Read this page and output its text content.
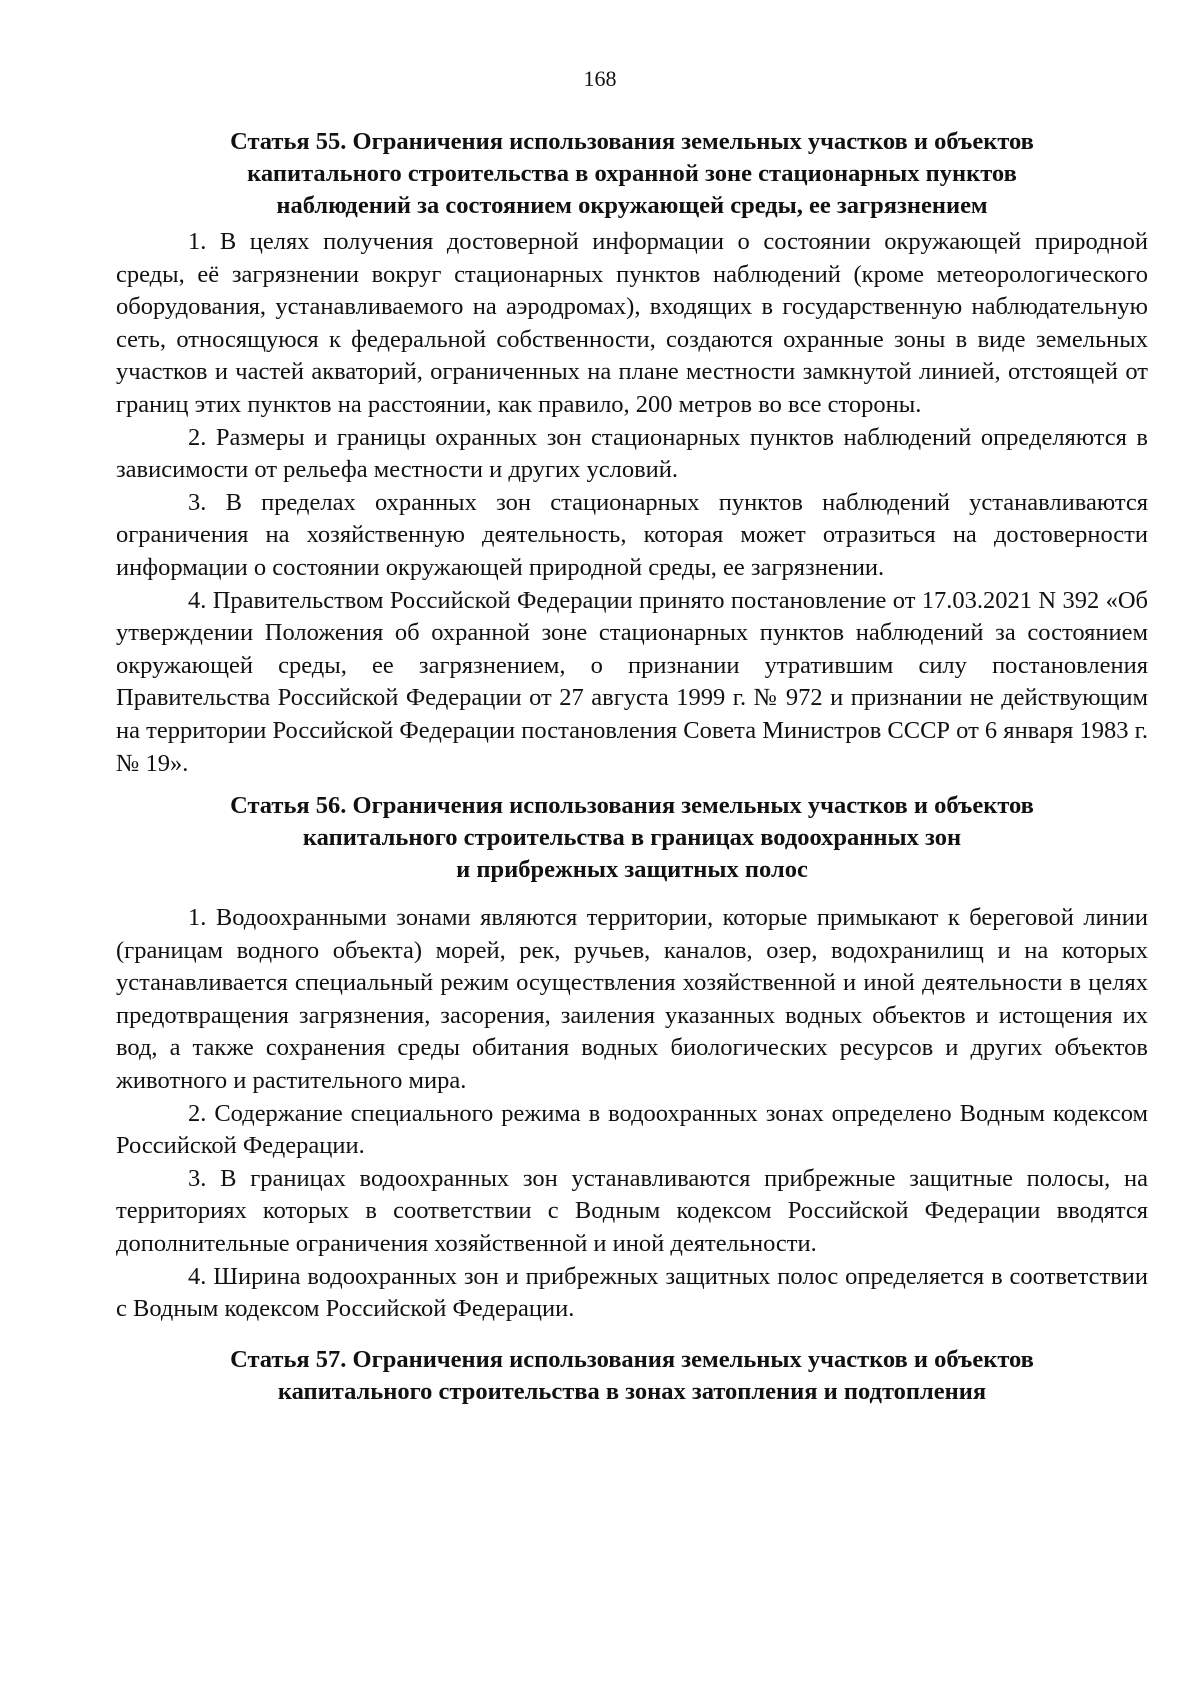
168
Статья 55. Ограничения использования земельных участков и объектов
капитального строительства в охранной зоне стационарных пунктов
наблюдений за состоянием окружающей среды, ее загрязнением

1. В целях получения достоверной информации о состоянии окружающей природной среды, её загрязнении вокруг стационарных пунктов наблюдений (кроме метеорологического оборудования, устанавливаемого на аэродромах), входящих в государственную наблюдательную сеть, относящуюся к федеральной собственности, создаются охранные зоны в виде земельных участков и частей акваторий, ограниченных на плане местности замкнутой линией, отстоящей от границ этих пунктов на расстоянии, как правило, 200 метров во все стороны.

2. Размеры и границы охранных зон стационарных пунктов наблюдений определяются в зависимости от рельефа местности и других условий.

3. В пределах охранных зон стационарных пунктов наблюдений устанавливаются ограничения на хозяйственную деятельность, которая может отразиться на достоверности информации о состоянии окружающей природной среды, ее загрязнении.

4. Правительством Российской Федерации принято постановление от 17.03.2021 N 392 «Об утверждении Положения об охранной зоне стационарных пунктов наблюдений за состоянием окружающей среды, ее загрязнением, о признании утратившим силу постановления Правительства Российской Федерации от 27 августа 1999 г. № 972 и признании не действующим на территории Российской Федерации постановления Совета Министров СССР от 6 января 1983 г. № 19».

Статья 56. Ограничения использования земельных участков и объектов
капитального строительства в границах водоохранных зон
и прибрежных защитных полос

1. Водоохранными зонами являются территории, которые примыкают к береговой линии (границам водного объекта) морей, рек, ручьев, каналов, озер, водохранилищ и на которых устанавливается специальный режим осуществления хозяйственной и иной деятельности в целях предотвращения загрязнения, засорения, заиления указанных водных объектов и истощения их вод, а также сохранения среды обитания водных биологических ресурсов и других объектов животного и растительного мира.

2. Содержание специального режима в водоохранных зонах определено Водным кодексом Российской Федерации.

3. В границах водоохранных зон устанавливаются прибрежные защитные полосы, на территориях которых в соответствии с Водным кодексом Российской Федерации вводятся дополнительные ограничения хозяйственной и иной деятельности.

4. Ширина водоохранных зон и прибрежных защитных полос определяется в соответствии с Водным кодексом Российской Федерации.

Статья 57. Ограничения использования земельных участков и объектов
капитального строительства в зонах затопления и подтопления
